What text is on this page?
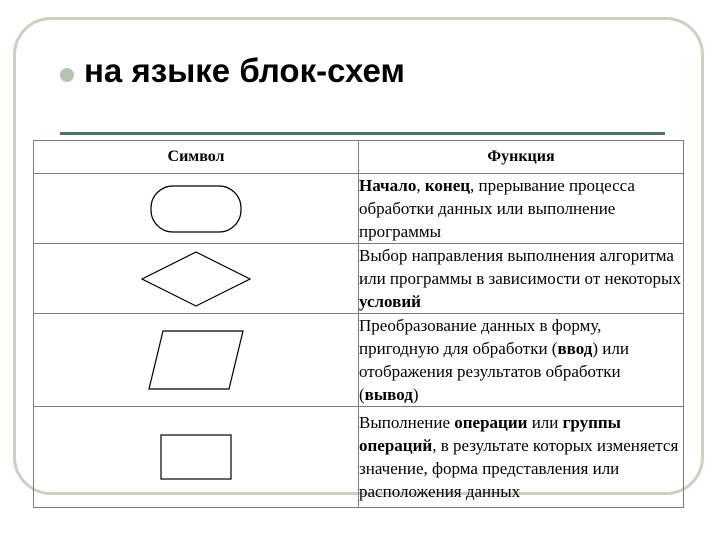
на языке блок-схем
Символ	Функция

	Начало, конец, прерывание процесса обработки данных или выполнение программы

	Выбор направления выполнения алгоритма или программы в зависимости от некоторых условий

	Преобразование данных в форму, пригодную для обработки (ввод) или отображения результатов обработки (вывод)

	Выполнение операции или группы операций, в результате которых изменяется значение, форма представления или расположения данных
